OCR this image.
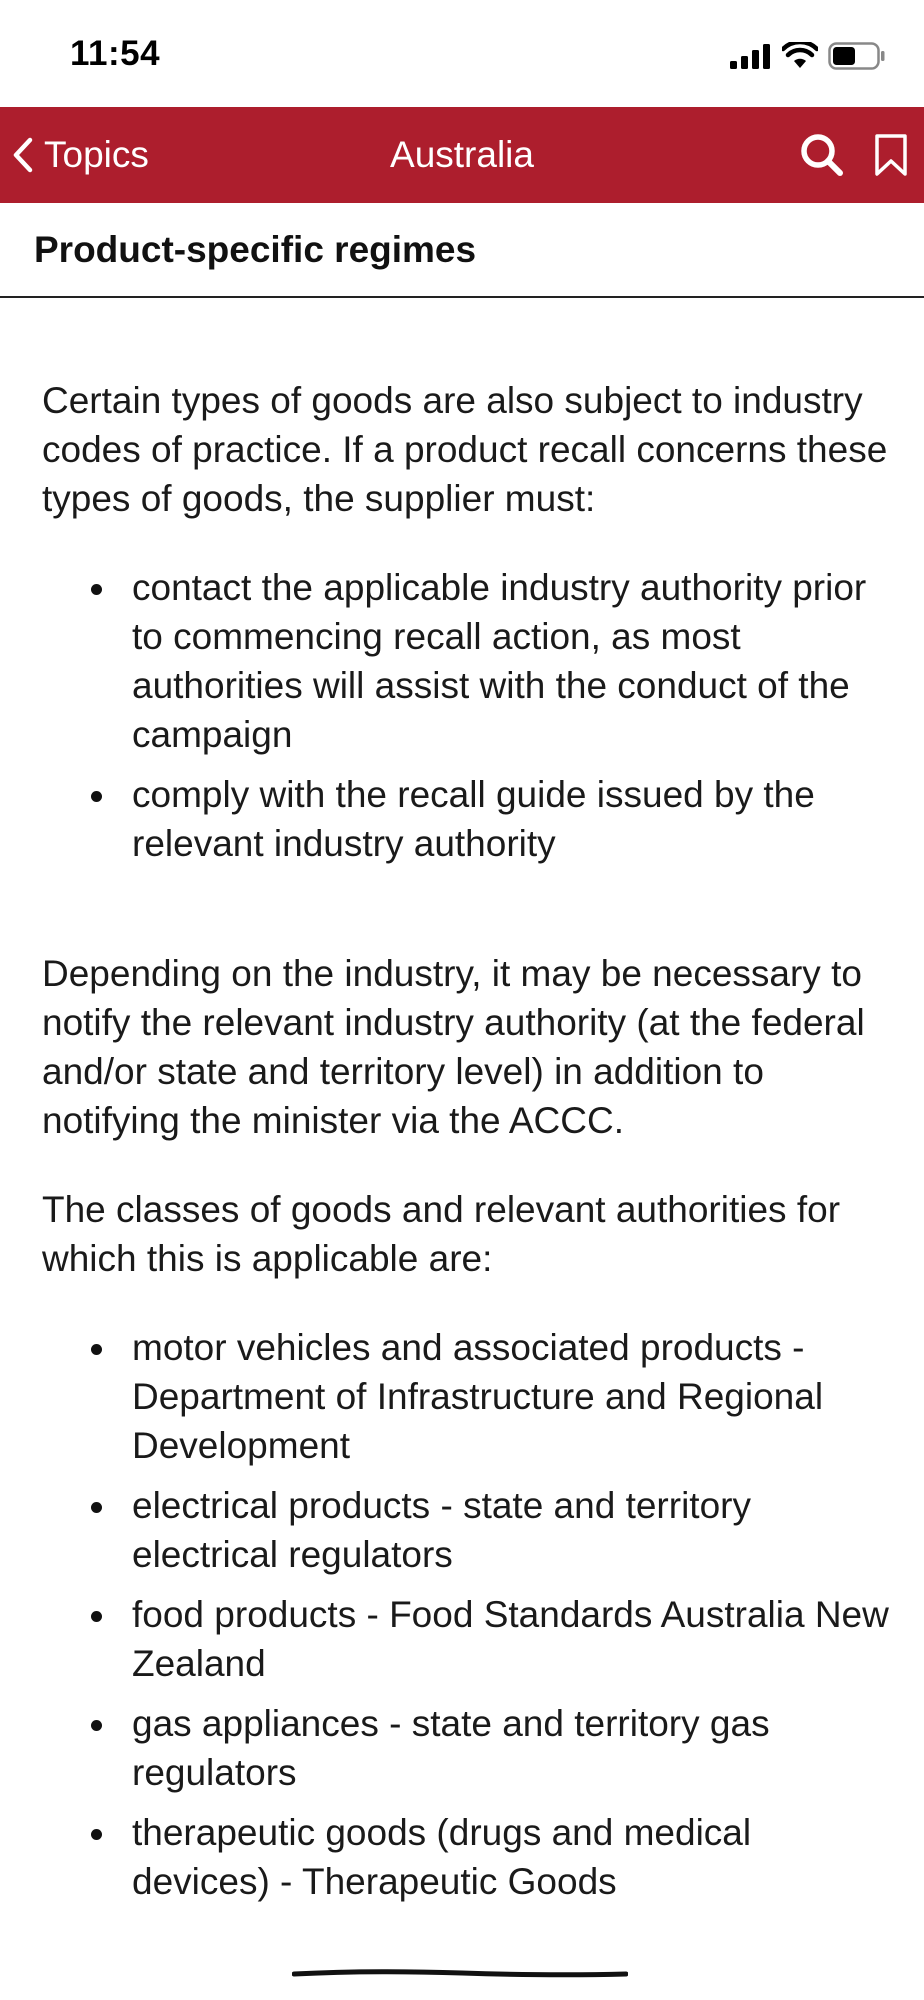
11:54
Topics	Australia
Product-specific regimes

Certain types of goods are also subject to industry codes of practice. If a product recall concerns these types of goods, the supplier must:

contact the applicable industry authority prior to commencing recall action, as most authorities will assist with the conduct of the campaign
comply with the recall guide issued by the relevant industry authority

Depending on the industry, it may be necessary to notify the relevant industry authority (at the federal and/or state and territory level) in addition to notifying the minister via the ACCC.

The classes of goods and relevant authorities for which this is applicable are:

motor vehicles and associated products - Department of Infrastructure and Regional Development
electrical products - state and territory electrical regulators
food products - Food Standards Australia New Zealand
gas appliances - state and territory gas regulators
therapeutic goods (drugs and medical devices) - Therapeutic Goods
